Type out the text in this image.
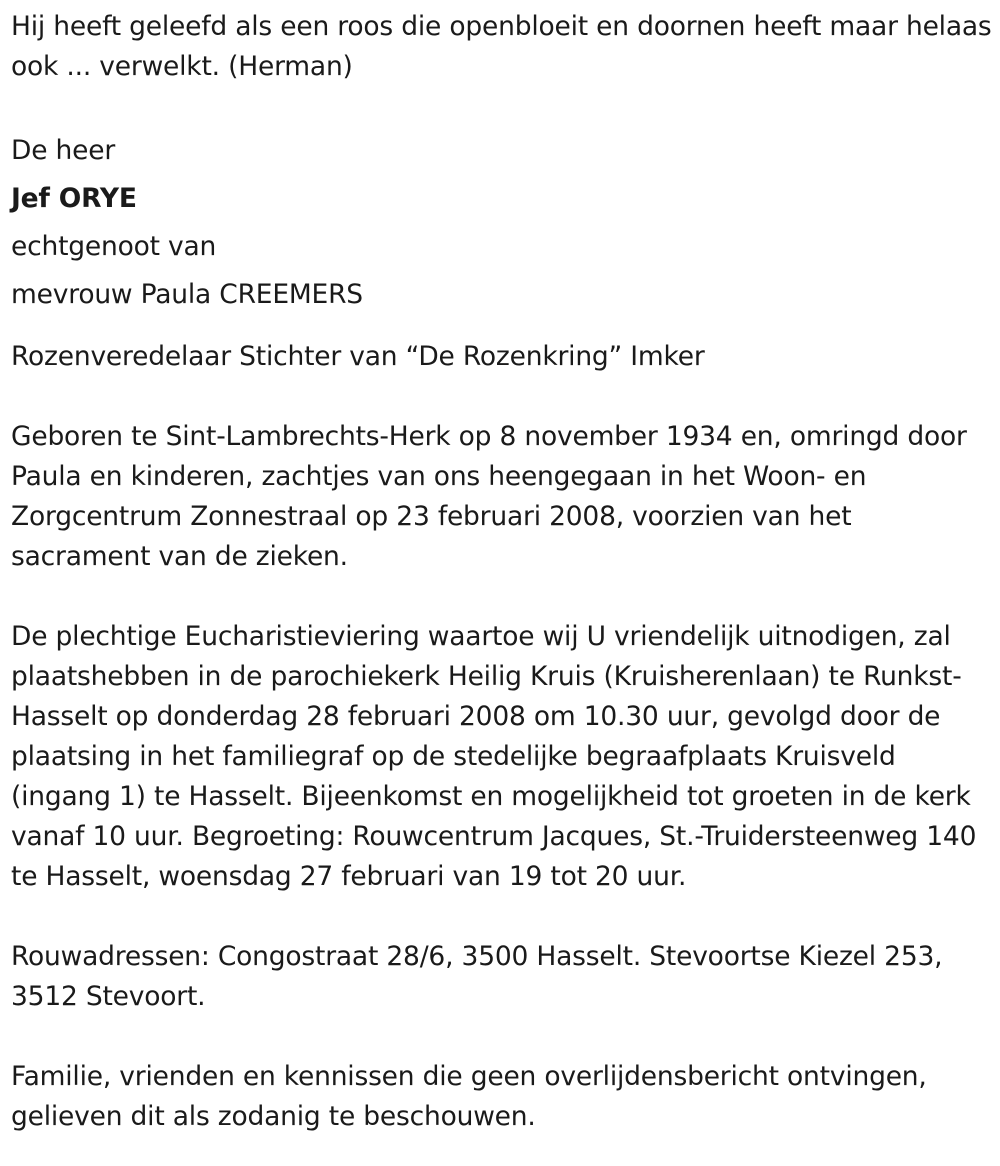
Hij heeft geleefd als een roos die openbloeit en doornen heeft maar helaas ook ... verwelkt. (Herman)

De heer
Jef ORYE
echtgenoot van
mevrouw Paula CREEMERS

Rozenveredelaar Stichter van “De Rozenkring” Imker

Geboren te Sint-Lambrechts-Herk op 8 november 1934 en, omringd door Paula en kinderen, zachtjes van ons heengegaan in het Woon- en Zorgcentrum Zonnestraal op 23 februari 2008, voorzien van het sacrament van de zieken.

De plechtige Eucharistieviering waartoe wij U vriendelijk uitnodigen, zal plaatshebben in de parochiekerk Heilig Kruis (Kruisherenlaan) te Runkst-Hasselt op donderdag 28 februari 2008 om 10.30 uur, gevolgd door de plaatsing in het familiegraf op de stedelijke begraafplaats Kruisveld (ingang 1) te Hasselt. Bijeenkomst en mogelijkheid tot groeten in de kerk vanaf 10 uur. Begroeting: Rouwcentrum Jacques, St.-Truidersteenweg 140 te Hasselt, woensdag 27 februari van 19 tot 20 uur.

Rouwadressen: Congostraat 28/6, 3500 Hasselt. Stevoortse Kiezel 253, 3512 Stevoort.

Familie, vrienden en kennissen die geen overlijdensbericht ontvingen, gelieven dit als zodanig te beschouwen.
